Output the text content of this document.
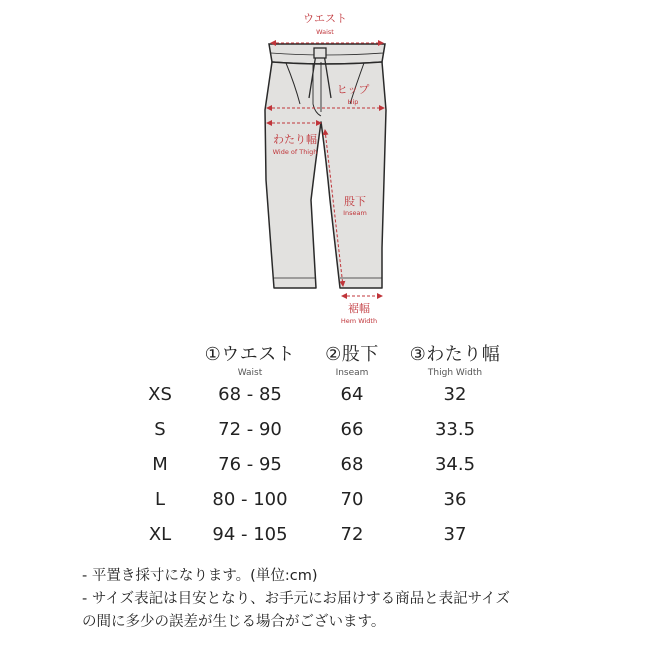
ウエスト
Waist
ヒップ
Hip
わたり幅
Wide of Thigh
股下
Inseam
裾幅
Hem Width
①ウエスト
Waist
②股下
Inseam
③わたり幅
Thigh Width
XS	68 - 85	64	32
S	72 - 90	66	33.5
M	76 - 95	68	34.5
L	80 - 100	70	36
XL	94 - 105	72	37
- 平置き採寸になります。(単位:cm)
- サイズ表記は目安となり、お手元にお届けする商品と表記サイズ
の間に多少の誤差が生じる場合がございます。
